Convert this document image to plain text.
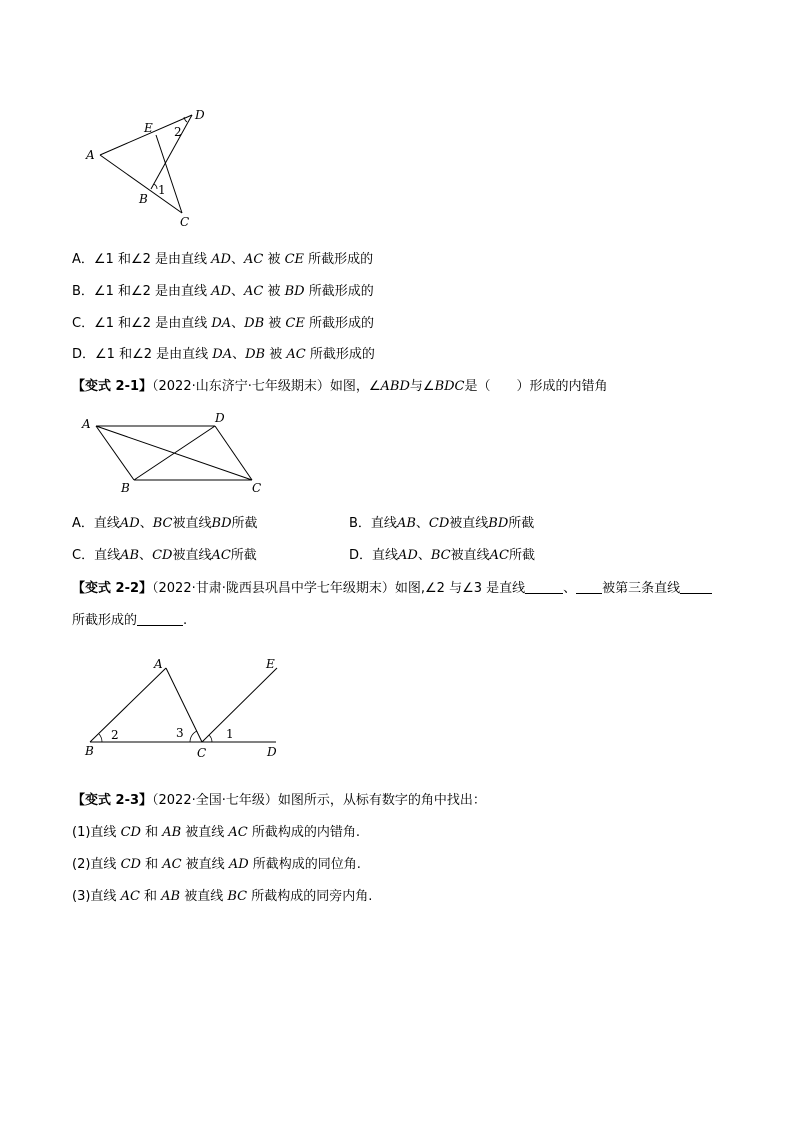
A
E
D
B
C
1
2
A．∠1 和∠2 是由直线 AD、AC 被 CE 所截形成的
B．∠1 和∠2 是由直线 AD、AC 被 BD 所截形成的
C．∠1 和∠2 是由直线 DA、DB 被 CE 所截形成的
D．∠1 和∠2 是由直线 DA、DB 被 AC 所截形成的
【变式 2-1】（2022·山东济宁·七年级期末）如图，∠ABD与∠BDC是（　　）形成的内错角
A	D
B	C
A．直线AD、BC被直线BD所截	B．直线AB、CD被直线BD所截
C．直线AB、CD被直线AC所截	D．直线AD、BC被直线AC所截
【变式 2-2】（2022·甘肃·陇西县巩昌中学七年级期末）如图,∠2 与∠3 是直线	、 被第三条直线
所截形成的	.
A	E
B	C	D
2	3	1
【变式 2-3】（2022·全国·七年级）如图所示，从标有数字的角中找出：
(1)直线 CD 和 AB 被直线 AC 所截构成的内错角.
(2)直线 CD 和 AC 被直线 AD 所截构成的同位角.
(3)直线 AC 和 AB 被直线 BC 所截构成的同旁内角.
